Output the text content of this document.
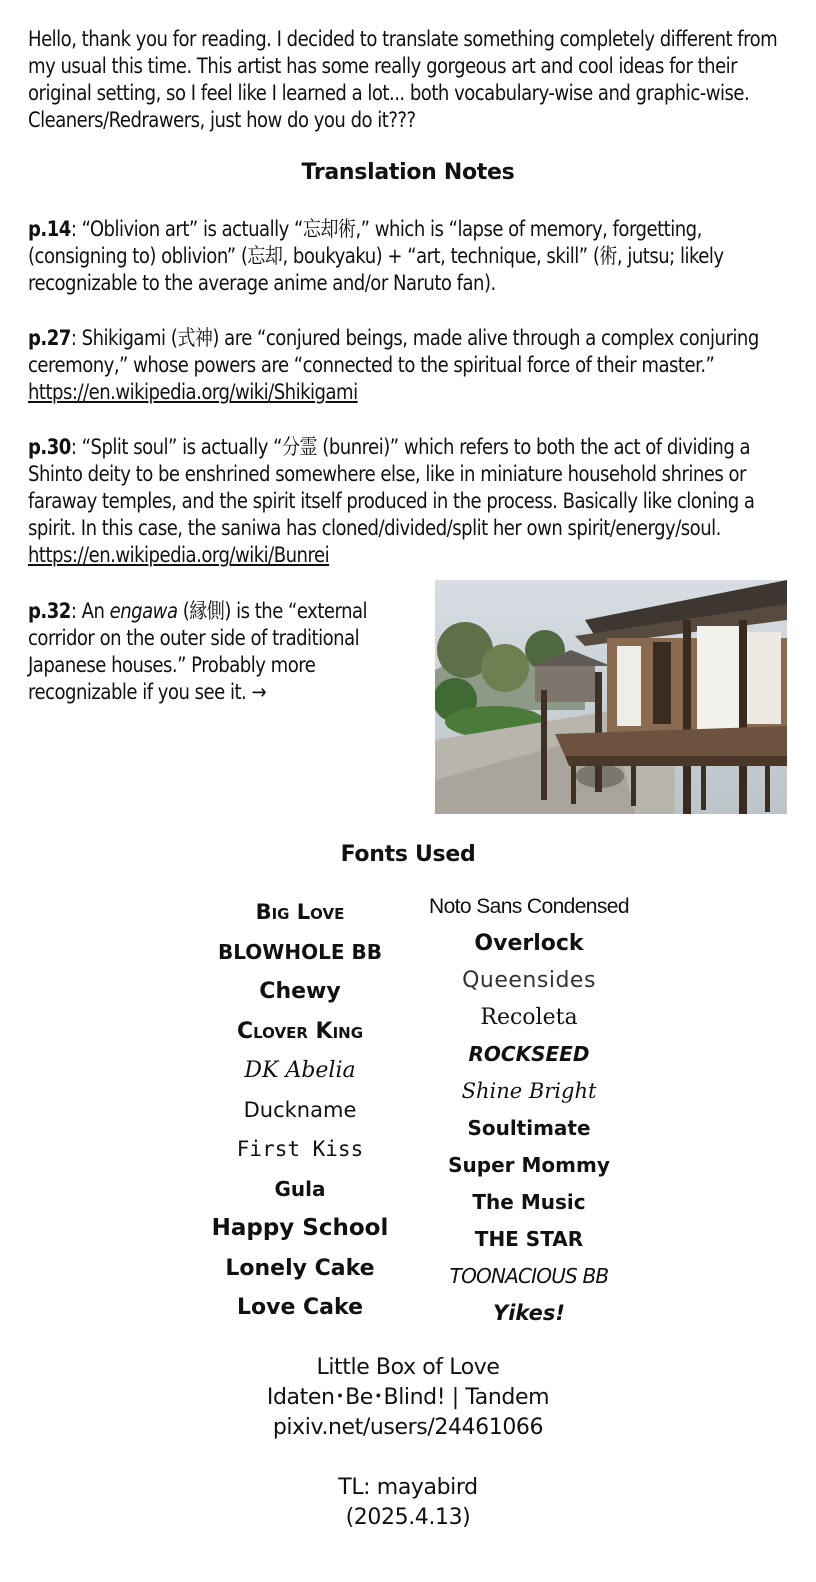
Hello, thank you for reading. I decided to translate something completely different from my usual this time. This artist has some really gorgeous art and cool ideas for their original setting, so I feel like I learned a lot... both vocabulary-wise and graphic-wise. Cleaners/Redrawers, just how do you do it???
Translation Notes
p.14: “Oblivion art” is actually “忘却術,” which is “lapse of memory, forgetting, (consigning to) oblivion” (忘却, boukyaku) + “art, technique, skill” (術, jutsu; likely recognizable to the average anime and/or Naruto fan).
p.27: Shikigami (式神) are “conjured beings, made alive through a complex conjuring ceremony,” whose powers are “connected to the spiritual force of their master.” https://en.wikipedia.org/wiki/Shikigami
p.30: “Split soul” is actually “分霊 (bunrei)” which refers to both the act of dividing a Shinto deity to be enshrined somewhere else, like in miniature household shrines or faraway temples, and the spirit itself produced in the process. Basically like cloning a spirit. In this case, the saniwa has cloned/divided/split her own spirit/energy/soul. https://en.wikipedia.org/wiki/Bunrei
p.32: An engawa (縁側) is the “external corridor on the outer side of traditional Japanese houses.” Probably more recognizable if you see it. →
Fonts Used
Big Love
BLOWHOLE BB
Chewy
Clover King
DK Abelia
Duckname
First Kiss
Gula
Happy School
Lonely Cake
Love Cake
Noto Sans Condensed
Overlock
Queensides
Recoleta
ROCKSEED
Shine Bright
Soultimate
Super Mommy
The Music
THE STAR
TOONACIOUS BB
Yikes!
Little Box of Love
Idaten･Be･Blind! | Tandem
pixiv.net/users/24461066
TL: mayabird
(2025.4.13)
